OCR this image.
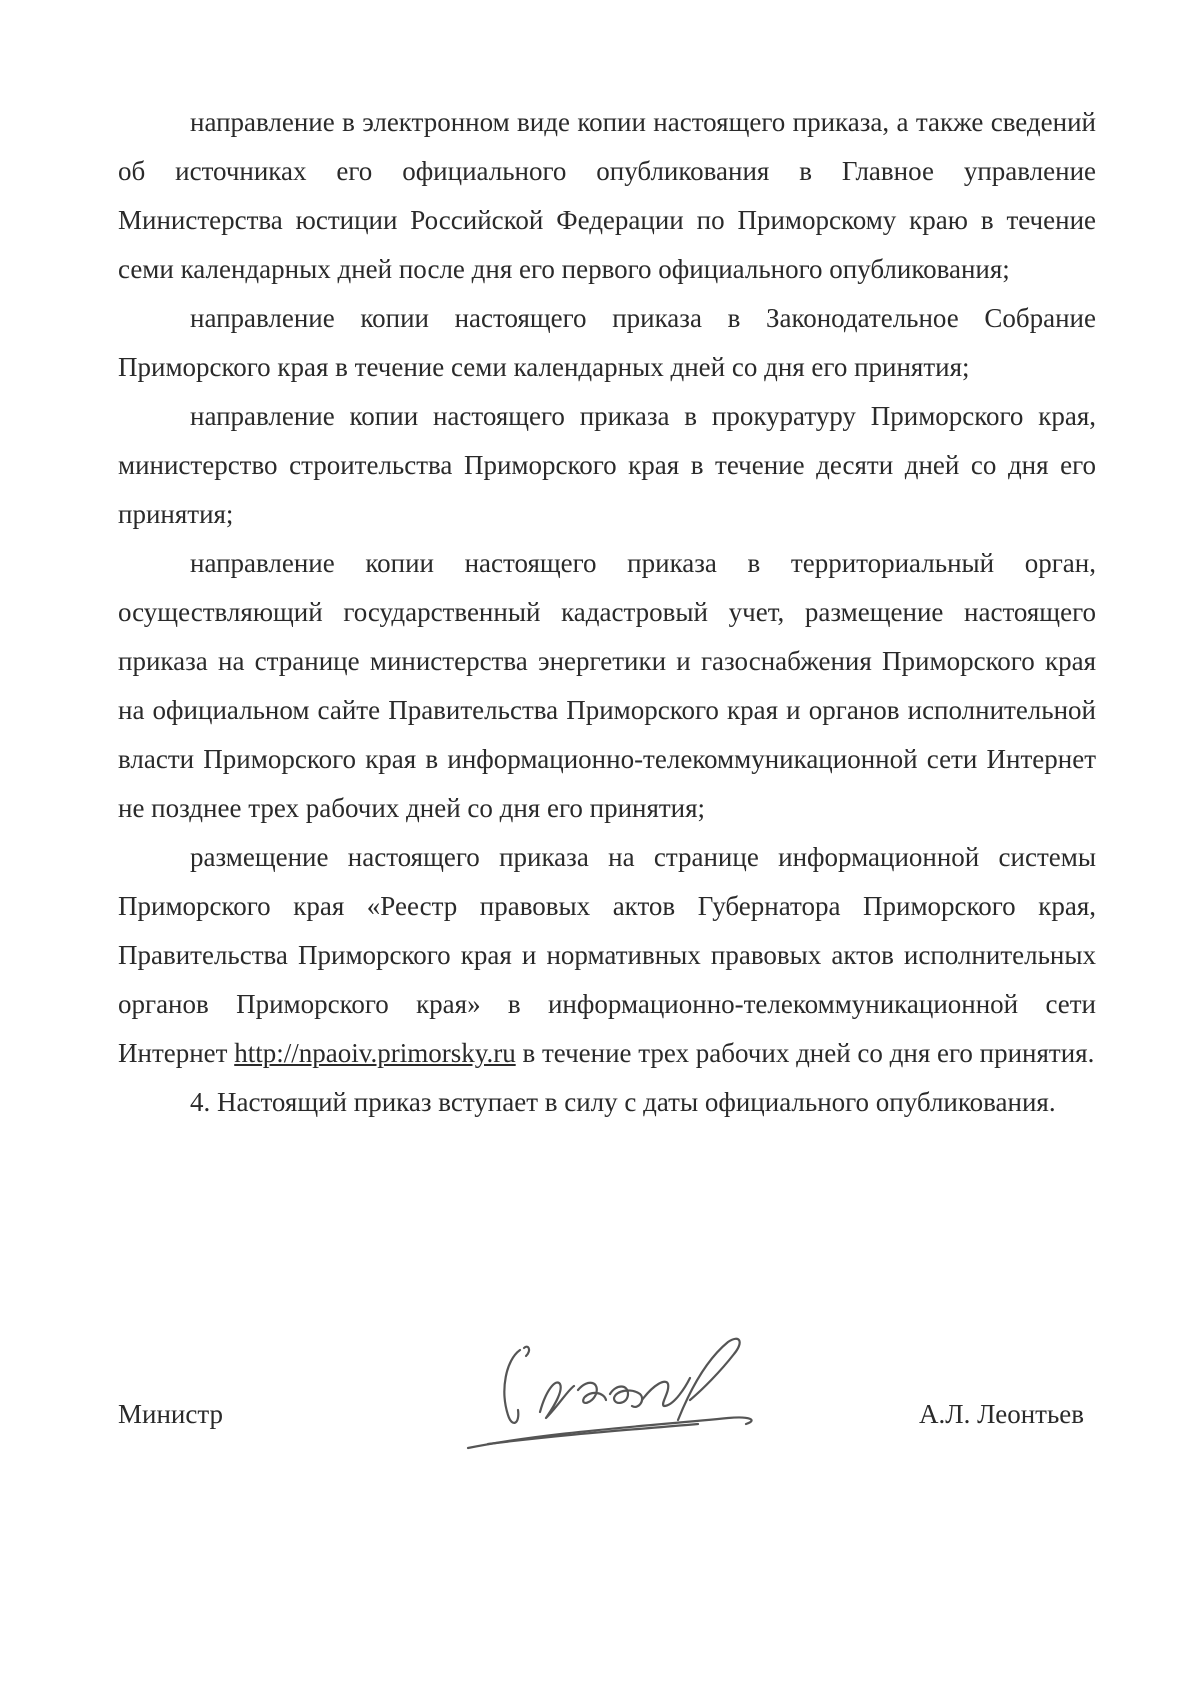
направление в электронном виде копии настоящего приказа, а также сведений об источниках его официального опубликования в Главное управление Министерства юстиции Российской Федерации по Приморскому краю в течение семи календарных дней после дня его первого официального опубликования;

направление копии настоящего приказа в Законодательное Собрание Приморского края в течение семи календарных дней со дня его принятия;

направление копии настоящего приказа в прокуратуру Приморского края, министерство строительства Приморского края в течение десяти дней со дня его принятия;

направление копии настоящего приказа в территориальный орган, осуществляющий государственный кадастровый учет, размещение настоящего приказа на странице министерства энергетики и газоснабжения Приморского края на официальном сайте Правительства Приморского края и органов исполнительной власти Приморского края в информационно-телекоммуникационной сети Интернет не позднее трех рабочих дней со дня его принятия;

размещение настоящего приказа на странице информационной системы Приморского края «Реестр правовых актов Губернатора Приморского края, Правительства Приморского края и нормативных правовых актов исполнительных органов Приморского края» в информационно-телекоммуникационной сети Интернет http://npaoiv.primorsky.ru в течение трех рабочих дней со дня его принятия.

4. Настоящий приказ вступает в силу с даты официального опубликования.

Министр	А.Л. Леонтьев
